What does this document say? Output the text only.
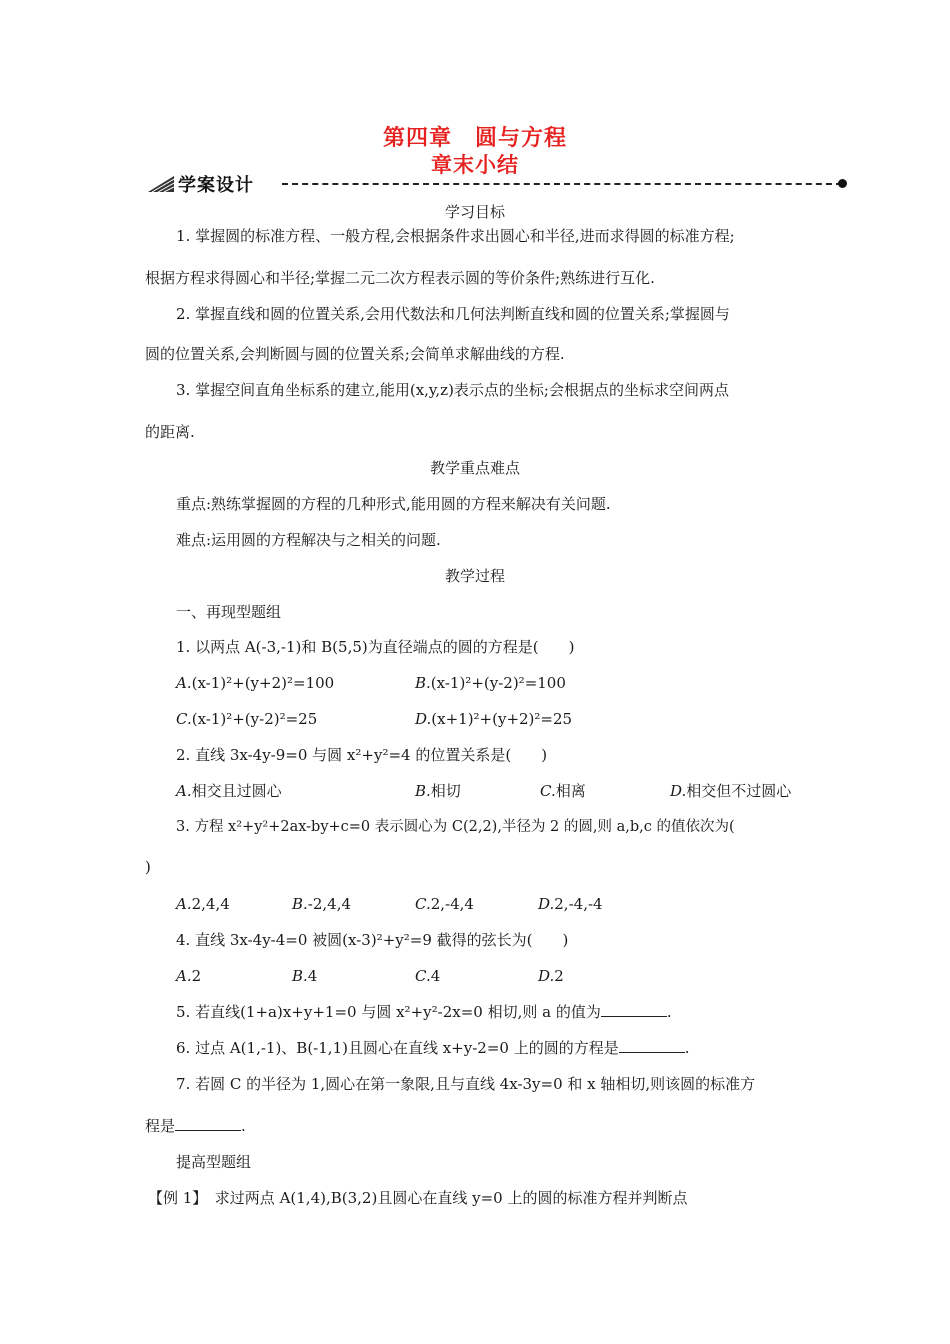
第四章　圆与方程
章末小结
学案设计
学习目标
1. 掌握圆的标准方程、一般方程,会根据条件求出圆心和半径,进而求得圆的标准方程;
根据方程求得圆心和半径;掌握二元二次方程表示圆的等价条件;熟练进行互化.
2. 掌握直线和圆的位置关系,会用代数法和几何法判断直线和圆的位置关系;掌握圆与
圆的位置关系,会判断圆与圆的位置关系;会简单求解曲线的方程.
3. 掌握空间直角坐标系的建立,能用(x,y,z)表示点的坐标;会根据点的坐标求空间两点
的距离.
教学重点难点
重点:熟练掌握圆的方程的几种形式,能用圆的方程来解决有关问题.
难点:运用圆的方程解决与之相关的问题.
教学过程
一、再现型题组
1. 以两点 A(-3,-1)和 B(5,5)为直径端点的圆的方程是(　　)
A.(x-1)²+(y+2)²=100	B.(x-1)²+(y-2)²=100
C.(x-1)²+(y-2)²=25	D.(x+1)²+(y+2)²=25
2. 直线 3x-4y-9=0 与圆 x²+y²=4 的位置关系是(　　)
A.相交且过圆心	B.相切	C.相离	D.相交但不过圆心
3. 方程 x²+y²+2ax-by+c=0 表示圆心为 C(2,2),半径为 2 的圆,则 a,b,c 的值依次为(
)
A.2,4,4	B.-2,4,4	C.2,-4,4	D.2,-4,-4
4. 直线 3x-4y-4=0 被圆(x-3)²+y²=9 截得的弦长为(　　)
A.2	B.4	C.4	D.2
5. 若直线(1+a)x+y+1=0 与圆 x²+y²-2x=0 相切,则 a 的值为	.
6. 过点 A(1,-1)、B(-1,1)且圆心在直线 x+y-2=0 上的圆的方程是	.
7. 若圆 C 的半径为 1,圆心在第一象限,且与直线 4x-3y=0 和 x 轴相切,则该圆的标准方
程是	.
提高型题组
【例 1】　求过两点 A(1,4),B(3,2)且圆心在直线 y=0 上的圆的标准方程并判断点
